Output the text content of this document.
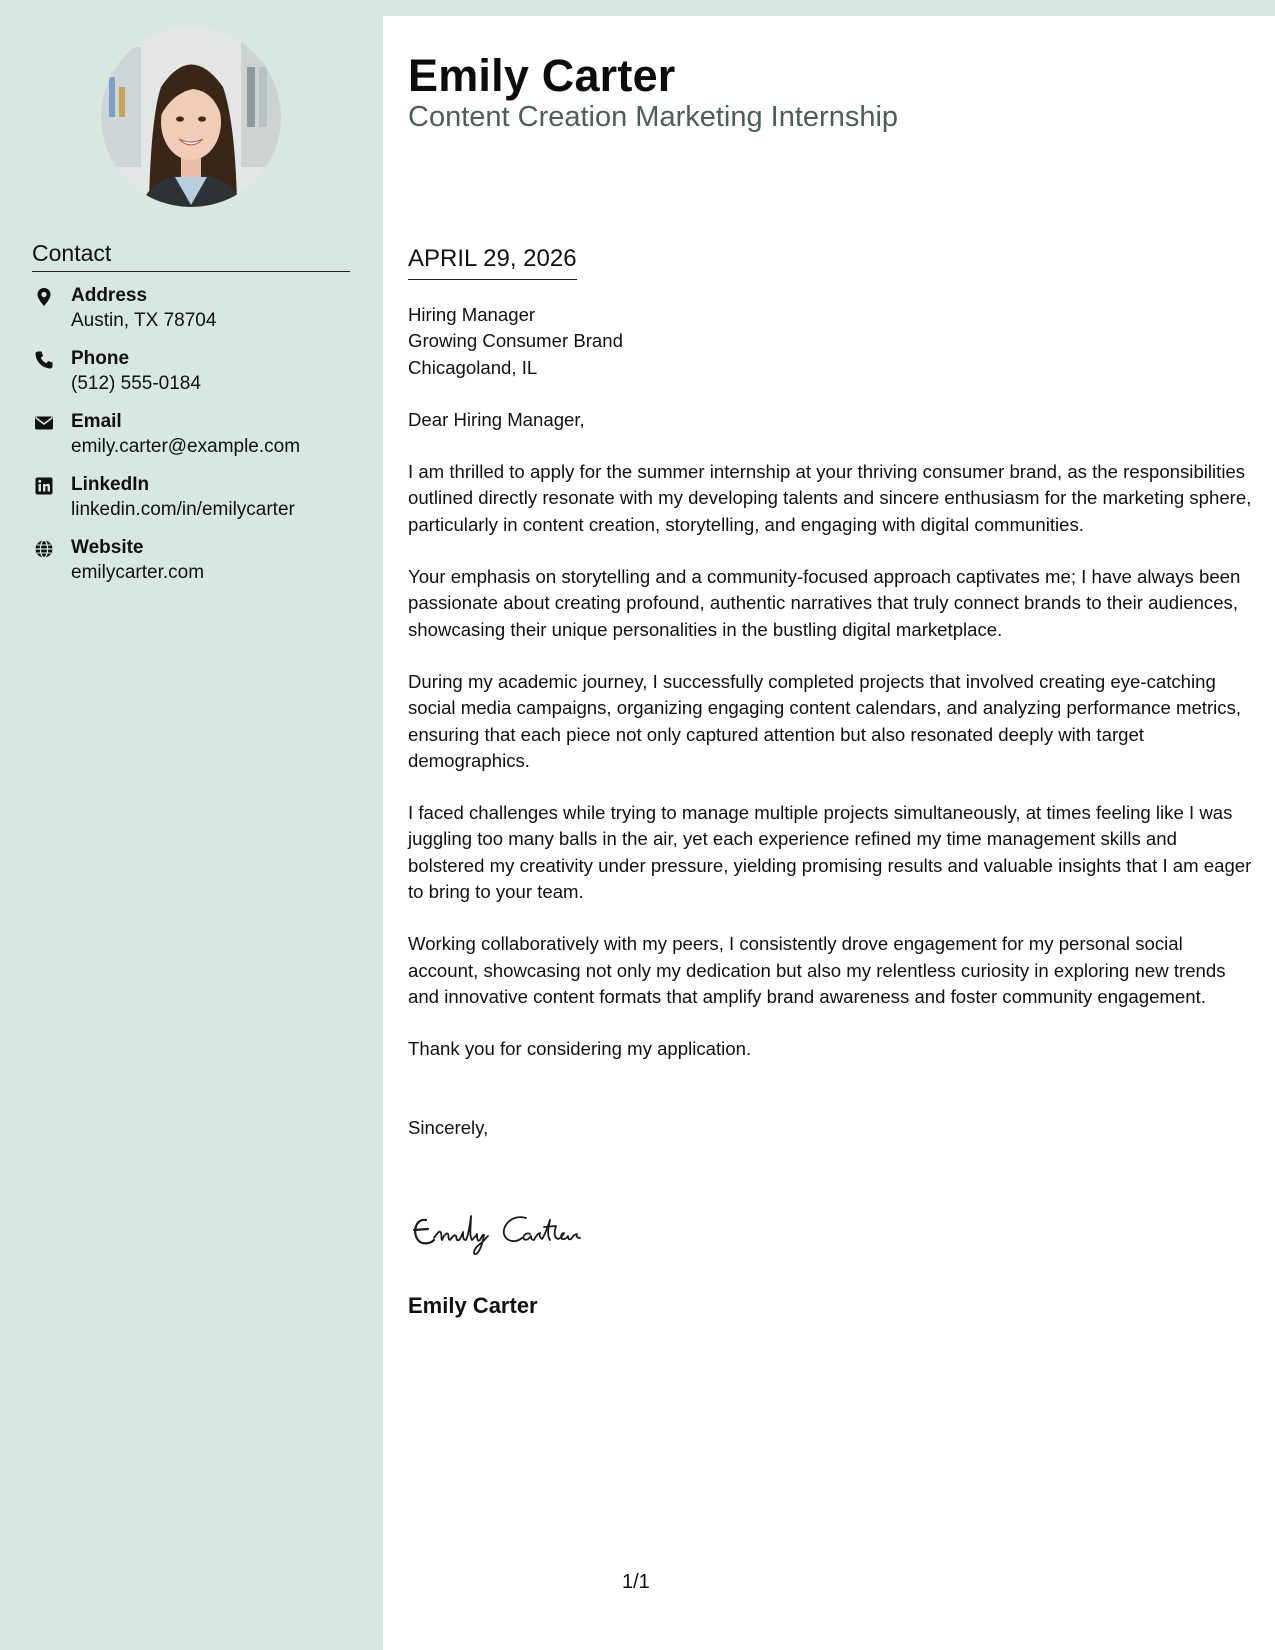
Contact
Address
Austin, TX 78704
Phone
(512) 555-0184
Email
emily.carter@example.com
LinkedIn
linkedin.com/in/emilycarter
Website
emilycarter.com
Emily Carter
Content Creation Marketing Internship
APRIL 29, 2026
Hiring Manager
Growing Consumer Brand
Chicagoland, IL

Dear Hiring Manager,

I am thrilled to apply for the summer internship at your thriving consumer brand, as the responsibilities outlined directly resonate with my developing talents and sincere enthusiasm for the marketing sphere, particularly in content creation, storytelling, and engaging with digital communities.

Your emphasis on storytelling and a community-focused approach captivates me; I have always been passionate about creating profound, authentic narratives that truly connect brands to their audiences, showcasing their unique personalities in the bustling digital marketplace.

During my academic journey, I successfully completed projects that involved creating eye-catching social media campaigns, organizing engaging content calendars, and analyzing performance metrics, ensuring that each piece not only captured attention but also resonated deeply with target demographics.

I faced challenges while trying to manage multiple projects simultaneously, at times feeling like I was juggling too many balls in the air, yet each experience refined my time management skills and bolstered my creativity under pressure, yielding promising results and valuable insights that I am eager to bring to your team.

Working collaboratively with my peers, I consistently drove engagement for my personal social account, showcasing not only my dedication but also my relentless curiosity in exploring new trends and innovative content formats that amplify brand awareness and foster community engagement.

Thank you for considering my application.

Sincerely,

Emily Carter
1/1
